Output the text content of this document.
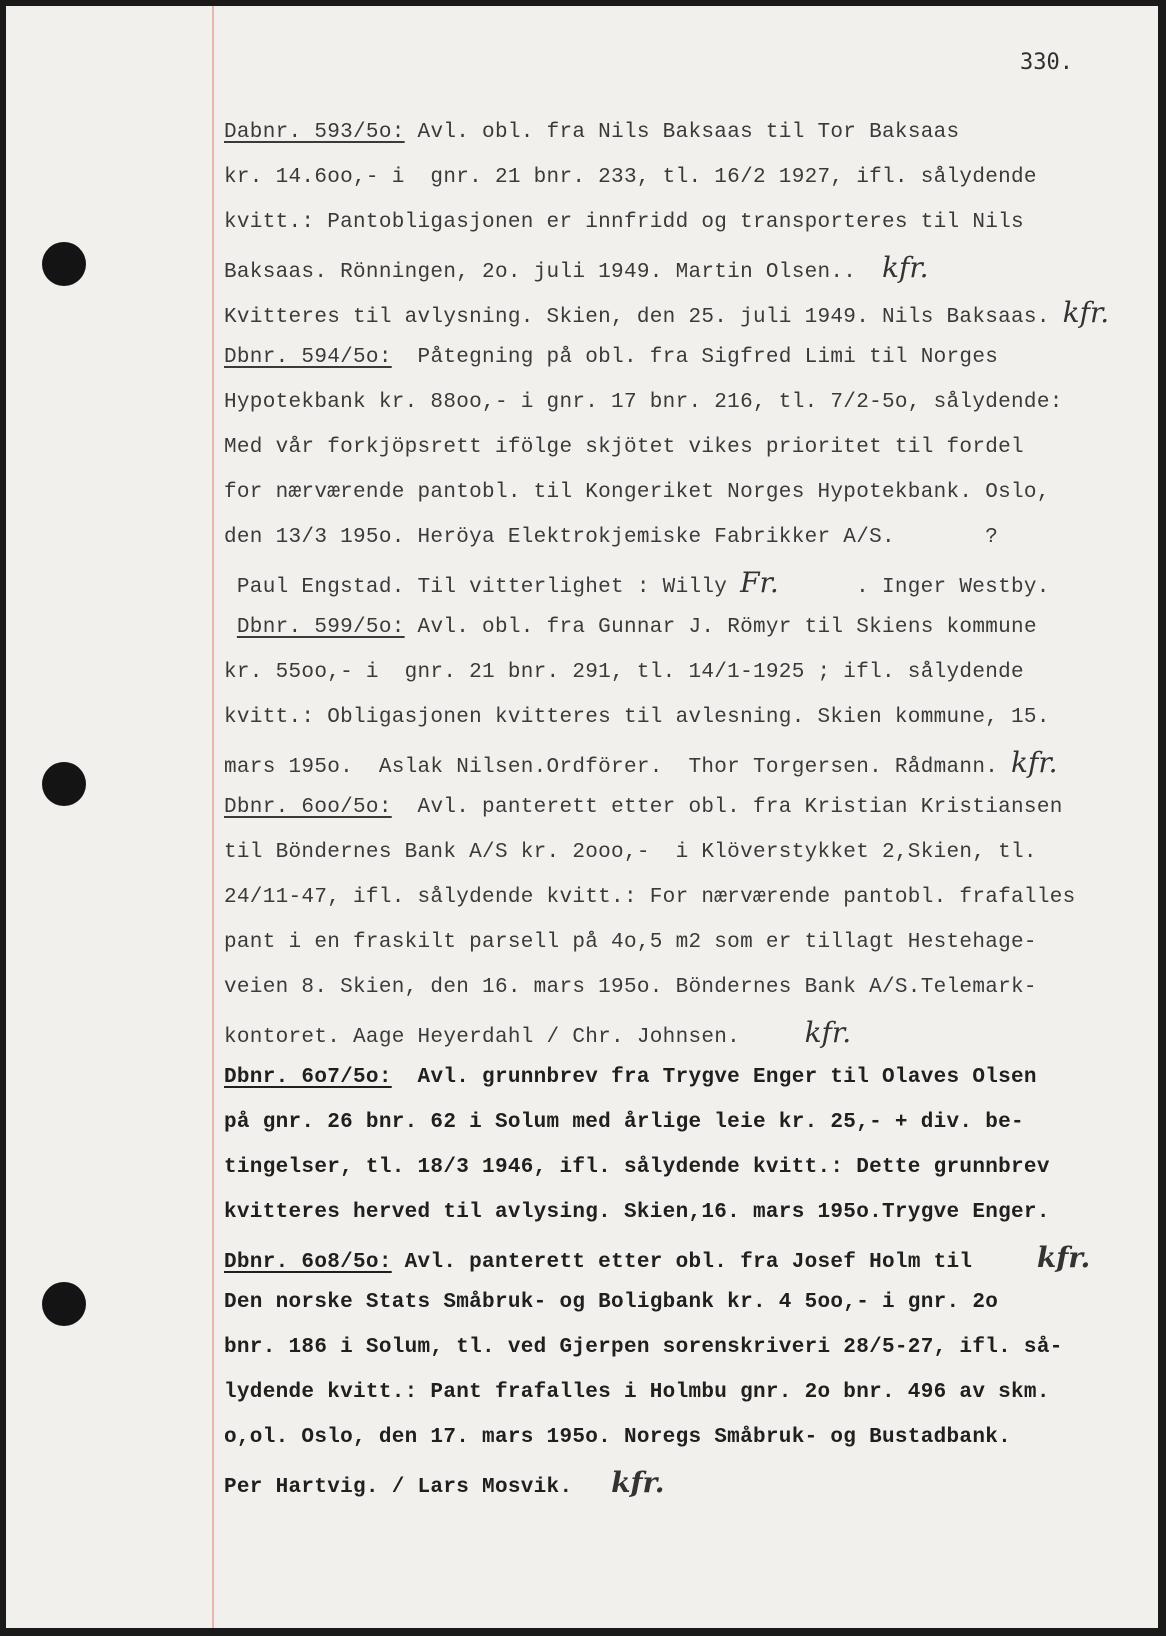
330.
Dabnr. 593/5o: Avl. obl. fra Nils Baksaas til Tor Baksaas
kr. 14.6oo,- i  gnr. 21 bnr. 233, tl. 16/2 1927, ifl. sålydende
kvitt.: Pantobligasjonen er innfridd og transporteres til Nils
Baksaas. Rönningen, 2o. juli 1949. Martin Olsen..  kfr.
Kvitteres til avlysning. Skien, den 25. juli 1949. Nils Baksaas. kfr.
Dbnr. 594/5o:  Påtegning på obl. fra Sigfred Limi til Norges
Hypotekbank kr. 88oo,- i gnr. 17 bnr. 216, tl. 7/2-5o, sålydende:
Med vår forkjöpsrett ifölge skjötet vikes prioritet til fordel
for nærværende pantobl. til Kongeriket Norges Hypotekbank. Oslo,
den 13/3 195o. Heröya Elektrokjemiske Fabrikker A/S.       ?
Paul Engstad. Til vitterlighet : Willy Fr.      . Inger Westby.
Dbnr. 599/5o: Avl. obl. fra Gunnar J. Römyr til Skiens kommune
kr. 55oo,- i  gnr. 21 bnr. 291, tl. 14/1-1925 ; ifl. sålydende
kvitt.: Obligasjonen kvitteres til avlesning. Skien kommune, 15.
mars 195o.  Aslak Nilsen.Ordförer.  Thor Torgersen. Rådmann. kfr.
Dbnr. 6oo/5o:  Avl. panterett etter obl. fra Kristian Kristiansen
til Böndernes Bank A/S kr. 2ooo,-  i Klöverstykket 2,Skien, tl.
24/11-47, ifl. sålydende kvitt.: For nærværende pantobl. frafalles
pant i en fraskilt parsell på 4o,5 m2 som er tillagt Hestehage-
veien 8. Skien, den 16. mars 195o. Böndernes Bank A/S.Telemark-
kontoret. Aage Heyerdahl / Chr. Johnsen.     kfr.
Dbnr. 6o7/5o:  Avl. grunnbrev fra Trygve Enger til Olaves Olsen
på gnr. 26 bnr. 62 i Solum med årlige leie kr. 25,- + div. be-
tingelser, tl. 18/3 1946, ifl. sålydende kvitt.: Dette grunnbrev
kvitteres herved til avlysing. Skien,16. mars 195o.Trygve Enger.
Dbnr. 6o8/5o: Avl. panterett etter obl. fra Josef Holm til     kfr.
Den norske Stats Småbruk- og Boligbank kr. 4 5oo,- i gnr. 2o
bnr. 186 i Solum, tl. ved Gjerpen sorenskriveri 28/5-27, ifl. så-
lydende kvitt.: Pant frafalles i Holmbu gnr. 2o bnr. 496 av skm.
o,ol. Oslo, den 17. mars 195o. Noregs Småbruk- og Bustadbank.
Per Hartvig. / Lars Mosvik.   kfr.
